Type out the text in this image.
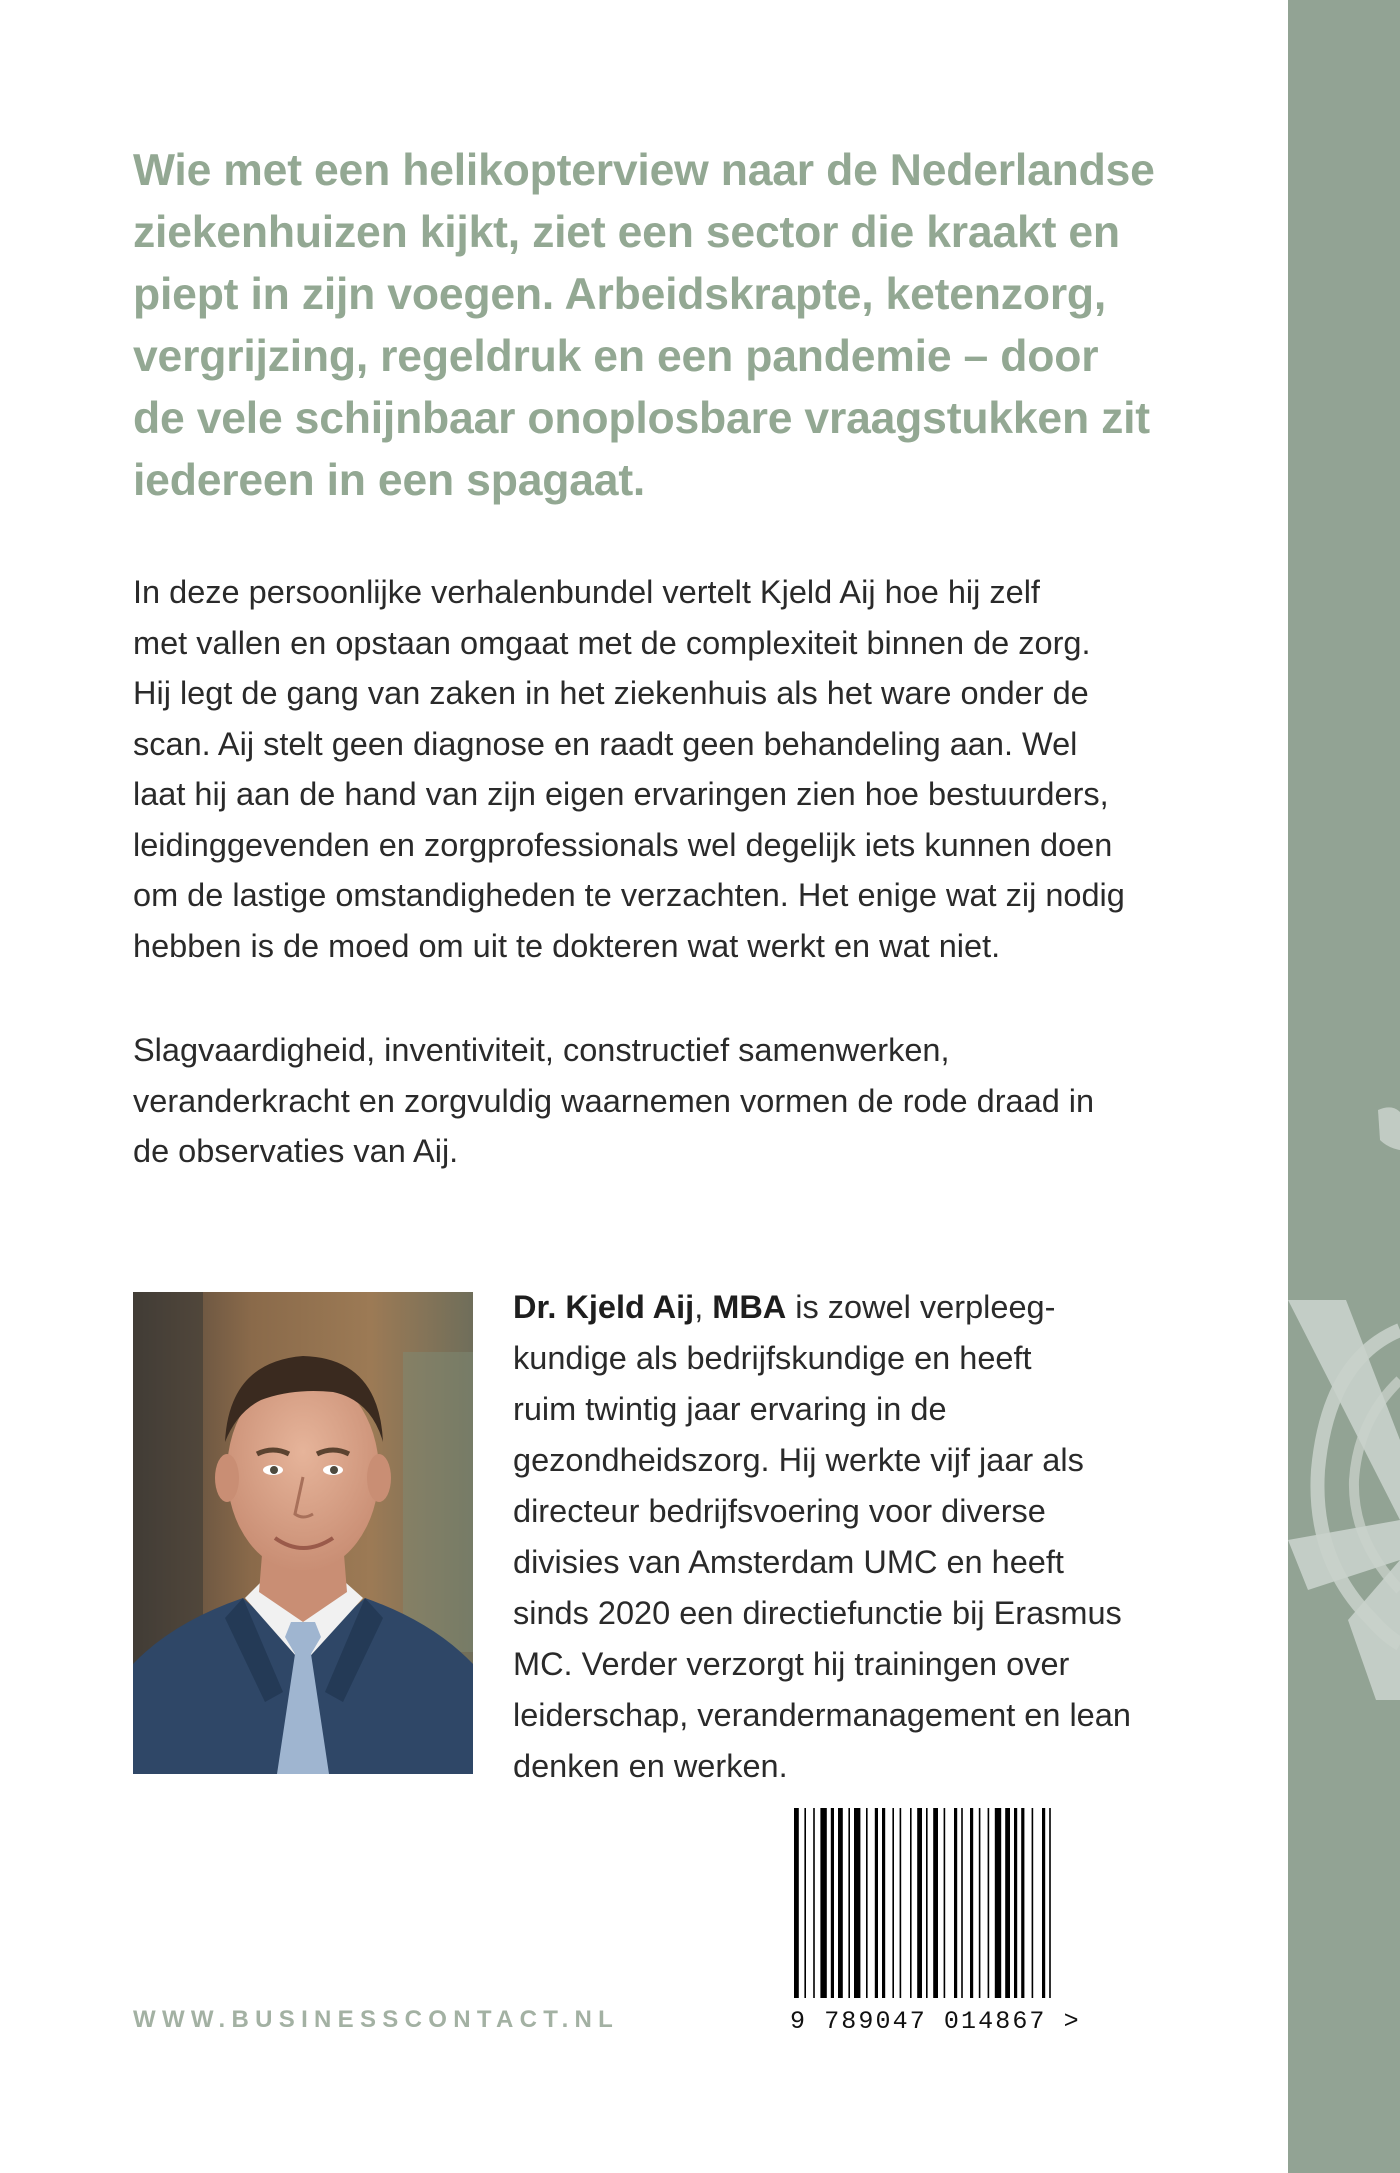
Wie met een helikopterview naar de Nederlandse
ziekenhuizen kijkt, ziet een sector die kraakt en
piept in zijn voegen. Arbeidskrapte, ketenzorg,
vergrijzing, regeldruk en een pandemie – door
de vele schijnbaar onoplosbare vraagstukken zit
iedereen in een spagaat.
In deze persoonlijke verhalenbundel vertelt Kjeld Aij hoe hij zelf
met vallen en opstaan omgaat met de complexiteit binnen de zorg.
Hij legt de gang van zaken in het ziekenhuis als het ware onder de
scan. Aij stelt geen diagnose en raadt geen behandeling aan. Wel
laat hij aan de hand van zijn eigen ervaringen zien hoe bestuurders,
leidinggevenden en zorgprofessionals wel degelijk iets kunnen doen
om de lastige omstandigheden te verzachten. Het enige wat zij nodig
hebben is de moed om uit te dokteren wat werkt en wat niet.
Slagvaardigheid, inventiviteit, constructief samenwerken,
veranderkracht en zorgvuldig waarnemen vormen de rode draad in
de observaties van Aij.
Dr. Kjeld Aij, MBA is zowel verpleeg-
kundige als bedrijfskundige en heeft
ruim twintig jaar ervaring in de
gezondheidszorg. Hij werkte vijf jaar als
directeur bedrijfsvoering voor diverse
divisies van Amsterdam UMC en heeft
sinds 2020 een directiefunctie bij Erasmus
MC. Verder verzorgt hij trainingen over
leiderschap, verandermanagement en lean
denken en werken.

WWW.BUSINESSCONTACT.NL	9 789047 014867 >
